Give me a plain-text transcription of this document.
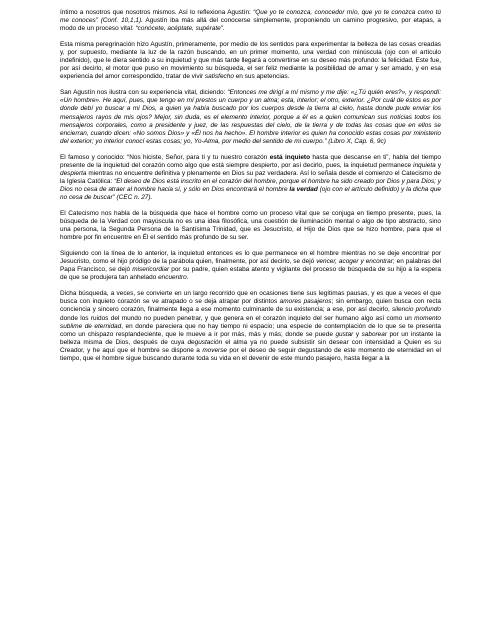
íntimo a nosotros que nosotros mismos. Así lo reflexiona Agustín: “Que yo te conozca, conocedor mío, que yo te conozca como tú me conoces” (Conf. 10,1,1). Agustín iba más allá del conocerse simplemente, proponiendo un camino progresivo, por etapas, a modo de un proceso vital: “conócete, acéptate, supérate”.

Esta misma peregrinación hizo Agustín, primeramente, por medio de los sentidos para experimentar la belleza de las cosas creadas y, por supuesto, mediante la luz de la razón buscando, en un primer momento, una verdad con minúscula (ojo con el artículo indefinido), que le diera sentido a su inquietud y que más tarde llegará a convertirse en su deseo más profundo: la felicidad. Este fue, por así decirlo, el motor que puso en movimiento su búsqueda, el ser feliz mediante la posibilidad de amar y ser amado, y en esa experiencia del amor correspondido, tratar de vivir satisfecho en sus apetencias.

San Agustín nos ilustra con su experiencia vital, diciendo: “Entonces me dirigí a mí mismo y me dije: «¿Tú quién eres?», y respondí: «Un hombre». He aquí, pues, que tengo en mí prestos un cuerpo y un alma; esta, interior; el otro, exterior. ¿Por cuál de éstos es por donde debí yo buscar a mi Dios, a quien ya había buscado por los cuerpos desde la tierra al cielo, hasta donde pude enviar los mensajeros rayos de mis ojos? Mejor, sin duda, es el elemento interior, porque a él es a quien comunican sus noticias todos los mensajeros corporales, como a presidente y juez, de las respuestas del cielo, de la tierra y de todas las cosas que en ellos se encierran, cuando dicen: «No somos Dios» y «Él nos ha hecho». El hombre interior es quien ha conocido estas cosas por ministerio del exterior; yo interior conocí estas cosas; yo, Yo-Alma, por medio del sentido de mi cuerpo.” (Libro X, Cap. 6, 9c)

El famoso y conocido: “Nos hiciste, Señor, para ti y tu nuestro corazón está inquieto hasta que descanse en ti”, habla del tiempo presente de la inquietud del corazón como algo que está siempre despierto, por así decirlo, pues, la inquietud permanece inquieta y despierta mientras no encuentre definitiva y plenamente en Dios su paz verdadera. Así lo señala desde el comienzo el Catecismo de la Iglesia Católica: “El deseo de Dios está inscrito en el corazón del hombre, porque el hombre ha sido creado por Dios y para Dios; y Dios no cesa de atraer al hombre hacia sí, y sólo en Dios encontrará el hombre la verdad (ojo con el artículo definido) y la dicha que no cesa de buscar” (CEC n. 27).

El Catecismo nos habla de la búsqueda que hace el hombre como un proceso vital que se conjuga en tiempo presente, pues, la búsqueda de la Verdad con mayúscula no es una idea filosófica, una cuestión de iluminación mental o algo de tipo abstracto, sino una persona, la Segunda Persona de la Santísima Trinidad, que es Jesucristo, el Hijo de Dios que se hizo hombre, para que el hombre por fin encuentre en Él el sentido más profundo de su ser.

Siguiendo con la línea de lo anterior, la inquietud entonces es lo que permanece en el hombre mientras no se deje encontrar por Jesucristo, como el hijo pródigo de la parábola quien, finalmente, por así decirlo, se dejó vencer, acoger y encontrar; en palabras del Papa Francisco, se dejó misericordiar por su padre, quien estaba atento y vigilante del proceso de búsqueda de su hijo a la espera de que se produjera tan anhelado encuentro.

Dicha búsqueda, a veces, se convierte en un largo recorrido que en ocasiones tiene sus legítimas pausas, y es que a veces el que busca con inquieto corazón se ve atrapado o se deja atrapar por distintos amores pasajeros; sin embargo, quien busca con recta conciencia y sincero corazón, finalmente llega a ese momento culminante de su existencia; a ese, por así decirlo, silencio profundo donde los ruidos del mundo no pueden penetrar, y que genera en el corazón inquieto del ser humano algo así como un momento sublime de eternidad, en donde pareciera que no hay tiempo ni espacio; una especie de contemplación de lo que se te presenta como un chispazo resplandeciente, que le mueve a ir por más, más y más; donde se puede gustar y saborear por un instante la belleza misma de Dios, después de cuya degustación el alma ya no puede subsistir sin desear con intensidad a Quien es su Creador, y he aquí que el hombre se dispone a moverse por el deseo de seguir degustando de este momento de eternidad en el tiempo, que el hombre sigue buscando durante toda su vida en el devenir de este mundo pasajero, hasta llegar a la
